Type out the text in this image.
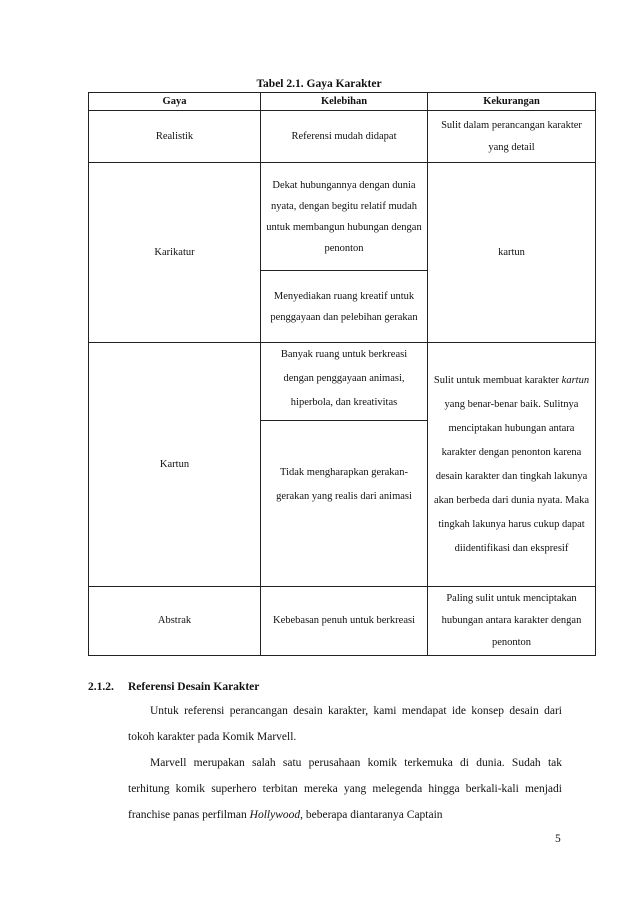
Tabel 2.1. Gaya Karakter
Gaya	Kelebihan	Kekurangan
Realistik	Referensi mudah didapat	Sulit dalam perancangan karakter yang detail
Karikatur	Dekat hubungannya dengan dunia nyata, dengan begitu relatif mudah untuk membangun hubungan dengan penonton	kartun
	Menyediakan ruang kreatif untuk penggayaan dan pelebihan gerakan	
Kartun	Banyak ruang untuk berkreasi dengan penggayaan animasi, hiperbola, dan kreativitas	Sulit untuk membuat karakter kartun yang benar-benar baik. Sulitnya menciptakan hubungan antara karakter dengan penonton karena desain karakter dan tingkah lakunya akan berbeda dari dunia nyata. Maka tingkah lakunya harus cukup dapat diidentifikasi dan ekspresif
	Tidak mengharapkan gerakan-gerakan yang realis dari animasi	
Abstrak	Kebebasan penuh untuk berkreasi	Paling sulit untuk menciptakan hubungan antara karakter dengan penonton
2.1.2. Referensi Desain Karakter

Untuk referensi perancangan desain karakter, kami mendapat ide konsep desain dari tokoh karakter pada Komik Marvell.

Marvell merupakan salah satu perusahaan komik terkemuka di dunia. Sudah tak terhitung komik superhero terbitan mereka yang melegenda hingga berkali-kali menjadi franchise panas perfilman Hollywood, beberapa diantaranya Captain

5
